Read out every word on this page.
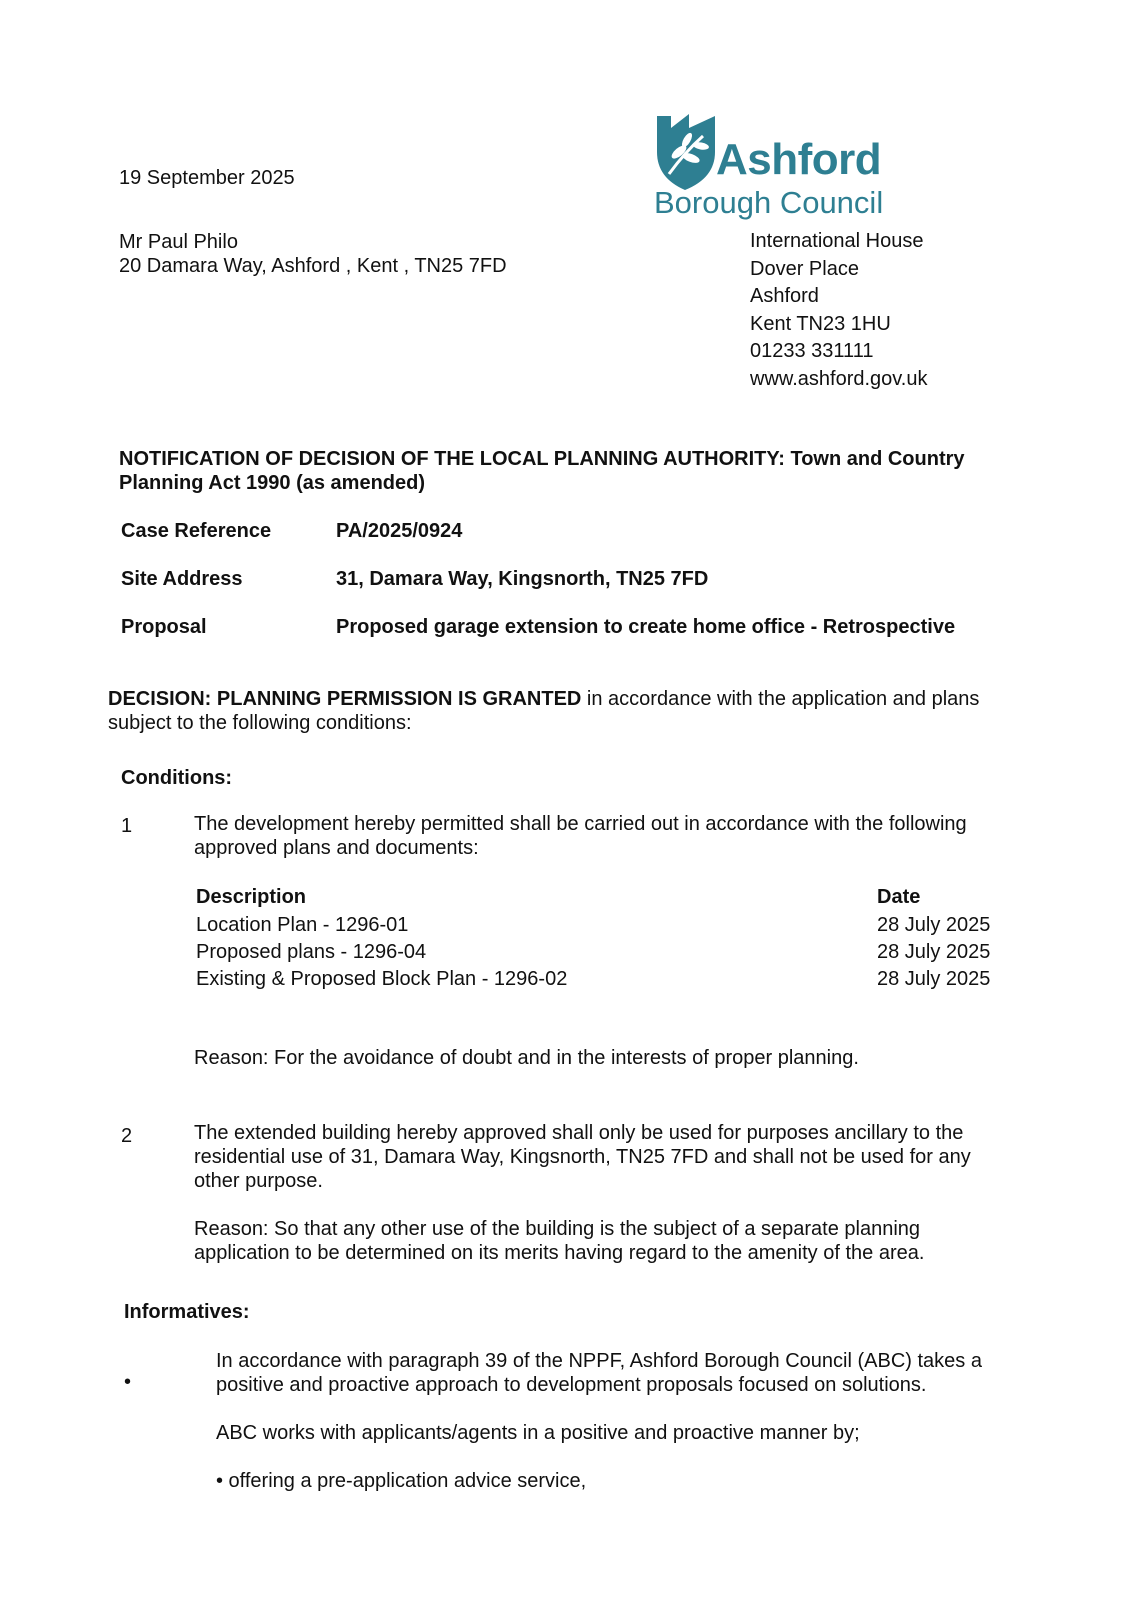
19 September 2025
Mr Paul Philo
20 Damara Way, Ashford , Kent , TN25 7FD
Ashford
Borough Council
International House
Dover Place
Ashford
Kent TN23 1HU
01233 331111
www.ashford.gov.uk
NOTIFICATION OF DECISION OF THE LOCAL PLANNING AUTHORITY: Town and Country
Planning Act 1990 (as amended)
Case Reference	PA/2025/0924
Site Address	31, Damara Way, Kingsnorth, TN25 7FD
Proposal	Proposed garage extension to create home office - Retrospective
DECISION: PLANNING PERMISSION IS GRANTED in accordance with the application and plans
subject to the following conditions:
Conditions:
1	The development hereby permitted shall be carried out in accordance with the following
approved plans and documents:
Description	Date
Location Plan - 1296-01	28 July 2025
Proposed plans - 1296-04	28 July 2025
Existing & Proposed Block Plan - 1296-02	28 July 2025
Reason: For the avoidance of doubt and in the interests of proper planning.
2	The extended building hereby approved shall only be used for purposes ancillary to the
residential use of 31, Damara Way, Kingsnorth, TN25 7FD and shall not be used for any
other purpose.
Reason: So that any other use of the building is the subject of a separate planning
application to be determined on its merits having regard to the amenity of the area.
Informatives:
•
In accordance with paragraph 39 of the NPPF, Ashford Borough Council (ABC) takes a
positive and proactive approach to development proposals focused on solutions.
ABC works with applicants/agents in a positive and proactive manner by;
• offering a pre-application advice service,
